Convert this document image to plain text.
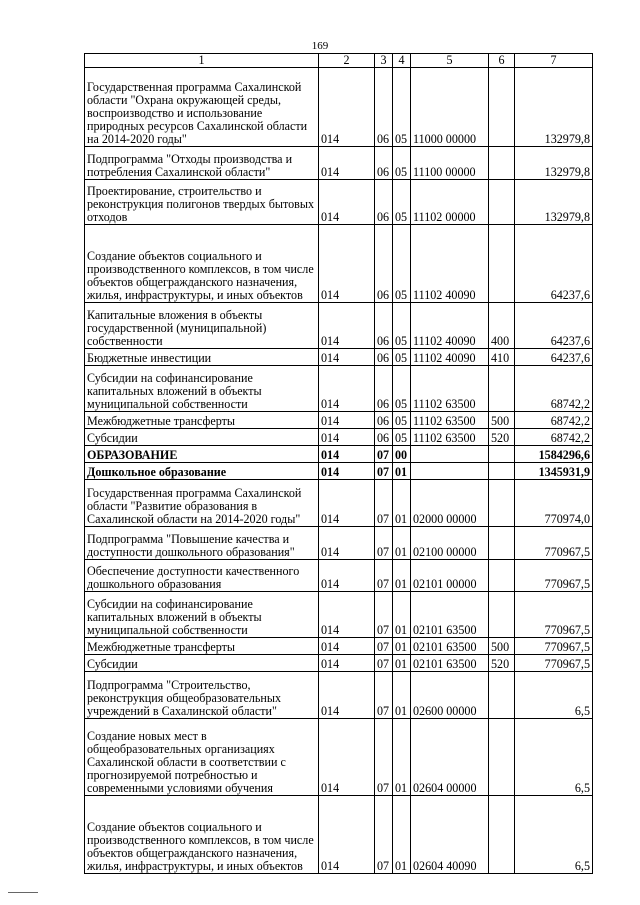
169
1	2	3	4	5	6	7
Государственная программа Сахалинской области "Охрана окружающей среды, воспроизводство и использование природных ресурсов Сахалинской области на 2014-2020 годы"	014	06	05	11000 00000		132979,8
Подпрограмма "Отходы производства и потребления Сахалинской области"	014	06	05	11100 00000		132979,8
Проектирование, строительство и реконструкция полигонов твердых бытовых отходов	014	06	05	11102 00000		132979,8
Создание объектов социального и производственного комплексов, в том числе объектов общегражданского назначения, жилья, инфраструктуры, и иных объектов	014	06	05	11102 40090		64237,6
Капитальные вложения в объекты государственной (муниципальной) собственности	014	06	05	11102 40090	400	64237,6
Бюджетные инвестиции	014	06	05	11102 40090	410	64237,6
Субсидии на софинансирование капитальных вложений в объекты муниципальной собственности	014	06	05	11102 63500		68742,2
Межбюджетные трансферты	014	06	05	11102 63500	500	68742,2
Субсидии	014	06	05	11102 63500	520	68742,2
ОБРАЗОВАНИЕ	014	07	00			1584296,6
Дошкольное образование	014	07	01			1345931,9
Государственная программа Сахалинской области "Развитие образования в Сахалинской области на 2014-2020 годы"	014	07	01	02000 00000		770974,0
Подпрограмма "Повышение качества и доступности дошкольного образования"	014	07	01	02100 00000		770967,5
Обеспечение доступности качественного дошкольного образования	014	07	01	02101 00000		770967,5
Субсидии на софинансирование капитальных вложений в объекты муниципальной собственности	014	07	01	02101 63500		770967,5
Межбюджетные трансферты	014	07	01	02101 63500	500	770967,5
Субсидии	014	07	01	02101 63500	520	770967,5
Подпрограмма "Строительство, реконструкция общеобразовательных учреждений в Сахалинской области"	014	07	01	02600 00000		6,5
Создание новых мест в общеобразовательных организациях Сахалинской области в соответствии с прогнозируемой потребностью и современными условиями обучения	014	07	01	02604 00000		6,5
Создание объектов социального и производственного комплексов, в том числе объектов общегражданского назначения, жилья, инфраструктуры, и иных объектов	014	07	01	02604 40090		6,5
